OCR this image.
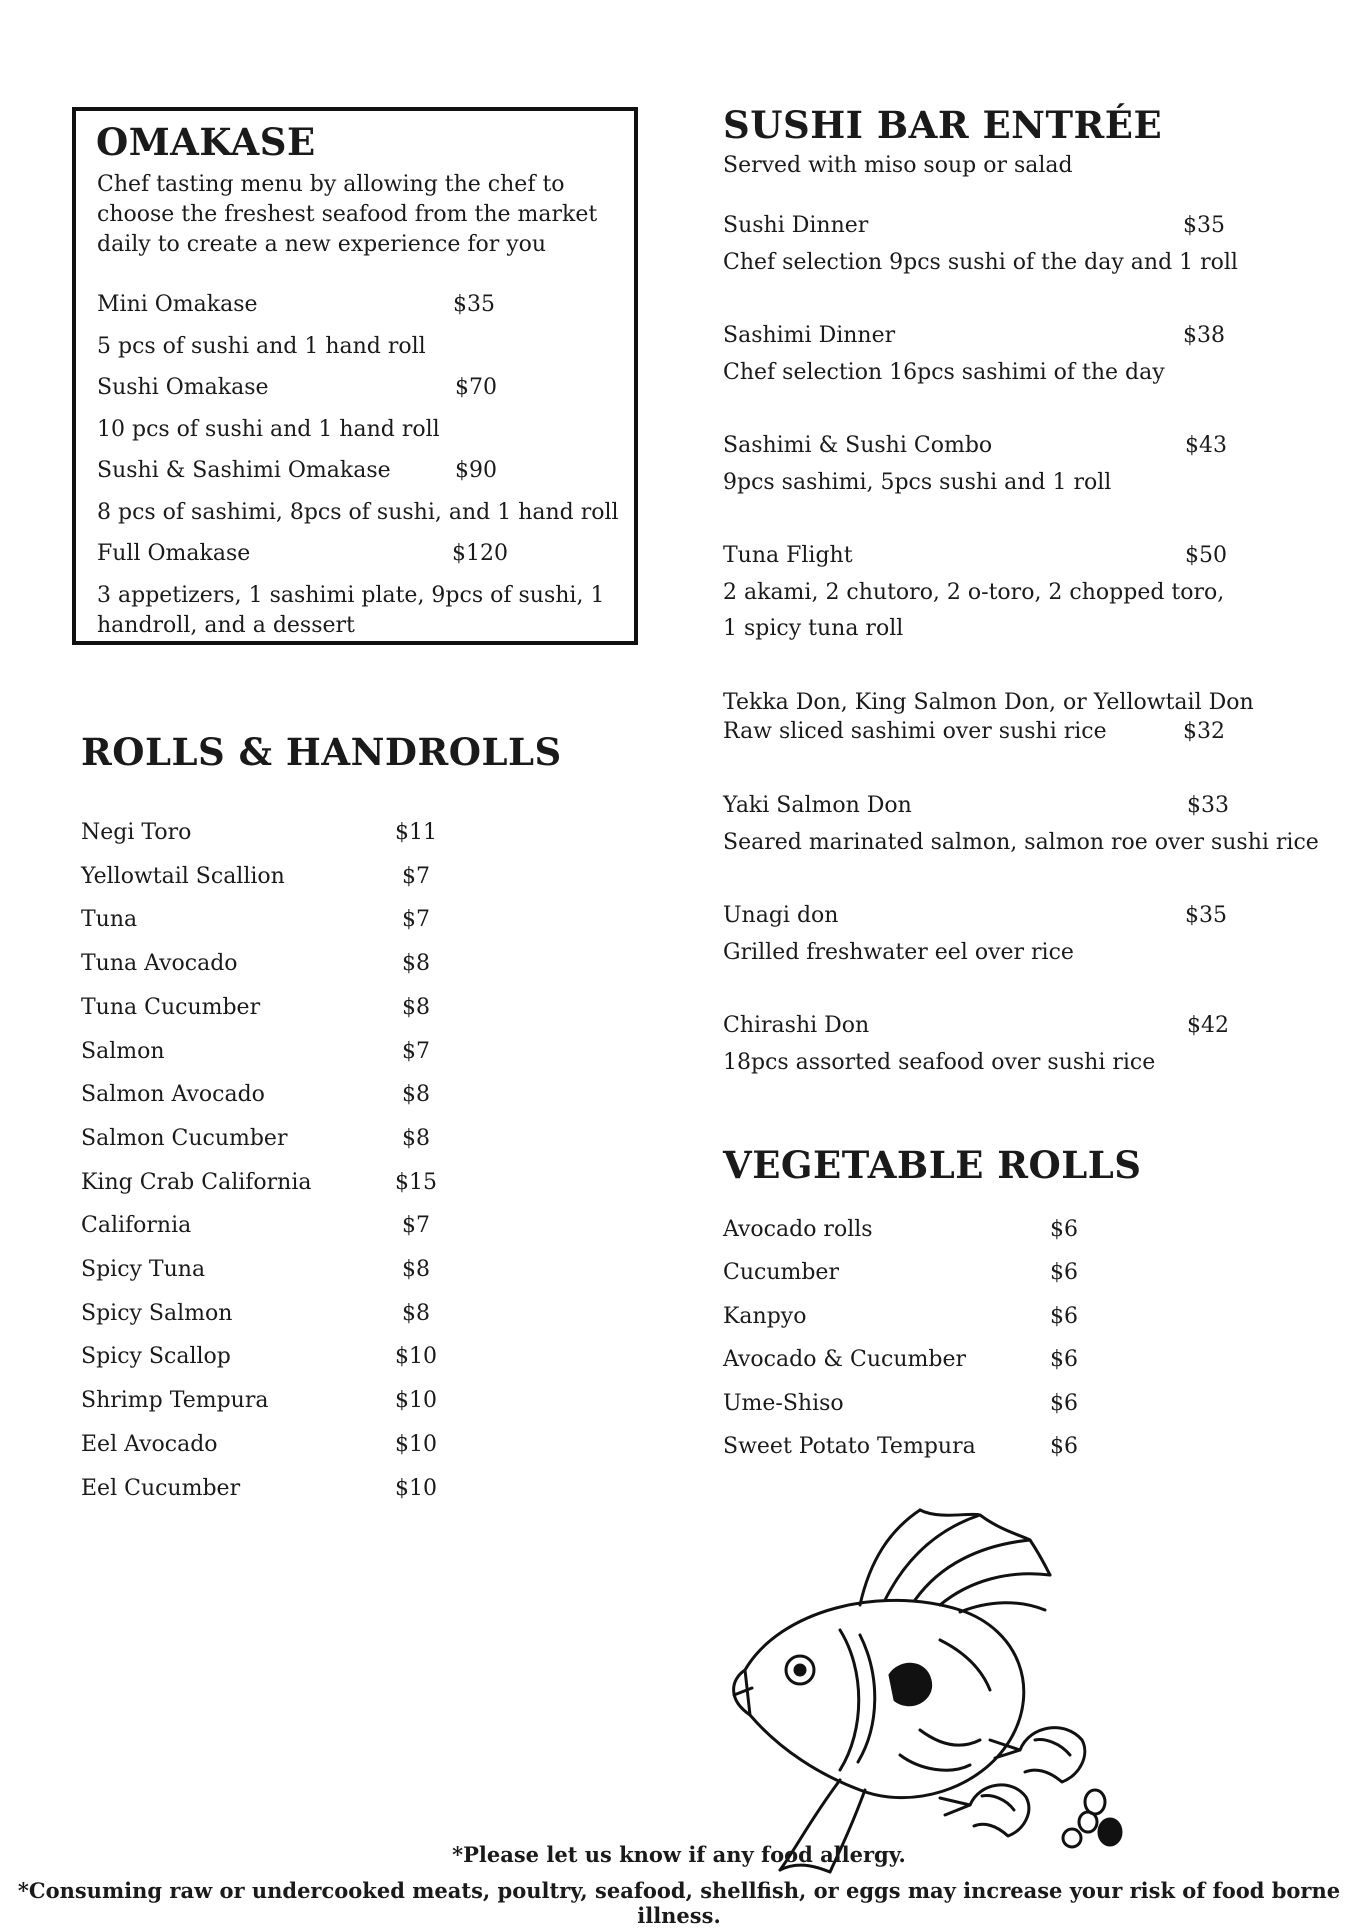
OMAKASE
Chef tasting menu by allowing the chef to choose the freshest seafood from the market daily to create a new experience for you
Mini Omakase	$35
5 pcs of sushi and 1 hand roll
Sushi Omakase	$70
10 pcs of sushi and 1 hand roll
Sushi & Sashimi Omakase	$90
8 pcs of sashimi, 8pcs of sushi, and 1 hand roll
Full Omakase	$120
3 appetizers, 1 sashimi plate, 9pcs of sushi, 1 handroll, and a dessert
ROLLS & HANDROLLS
Negi Toro	$11
Yellowtail Scallion	$7
Tuna	$7
Tuna Avocado	$8
Tuna Cucumber	$8
Salmon	$7
Salmon Avocado	$8
Salmon Cucumber	$8
King Crab California	$15
California	$7
Spicy Tuna	$8
Spicy Salmon	$8
Spicy Scallop	$10
Shrimp Tempura	$10
Eel Avocado	$10
Eel Cucumber	$10
SUSHI BAR ENTRÉE
Served with miso soup or salad
Sushi Dinner	$35
Chef selection 9pcs sushi of the day and 1 roll
Sashimi Dinner	$38
Chef selection 16pcs sashimi of the day
Sashimi & Sushi Combo	$43
9pcs sashimi, 5pcs sushi and 1 roll
Tuna Flight	$50
2 akami, 2 chutoro, 2 o-toro, 2 chopped toro,
1 spicy tuna roll
Tekka Don, King Salmon Don, or Yellowtail Don
Raw sliced sashimi over sushi rice	$32
Yaki Salmon Don	$33
Seared marinated salmon, salmon roe over sushi rice
Unagi don	$35
Grilled freshwater eel over rice
Chirashi Don	$42
18pcs assorted seafood over sushi rice
VEGETABLE ROLLS
Avocado rolls	$6
Cucumber	$6
Kanpyo	$6
Avocado & Cucumber	$6
Ume-Shiso	$6
Sweet Potato Tempura	$6
*Please let us know if any food allergy.
*Consuming raw or undercooked meats, poultry, seafood, shellfish, or eggs may increase your risk of food borne illness.
